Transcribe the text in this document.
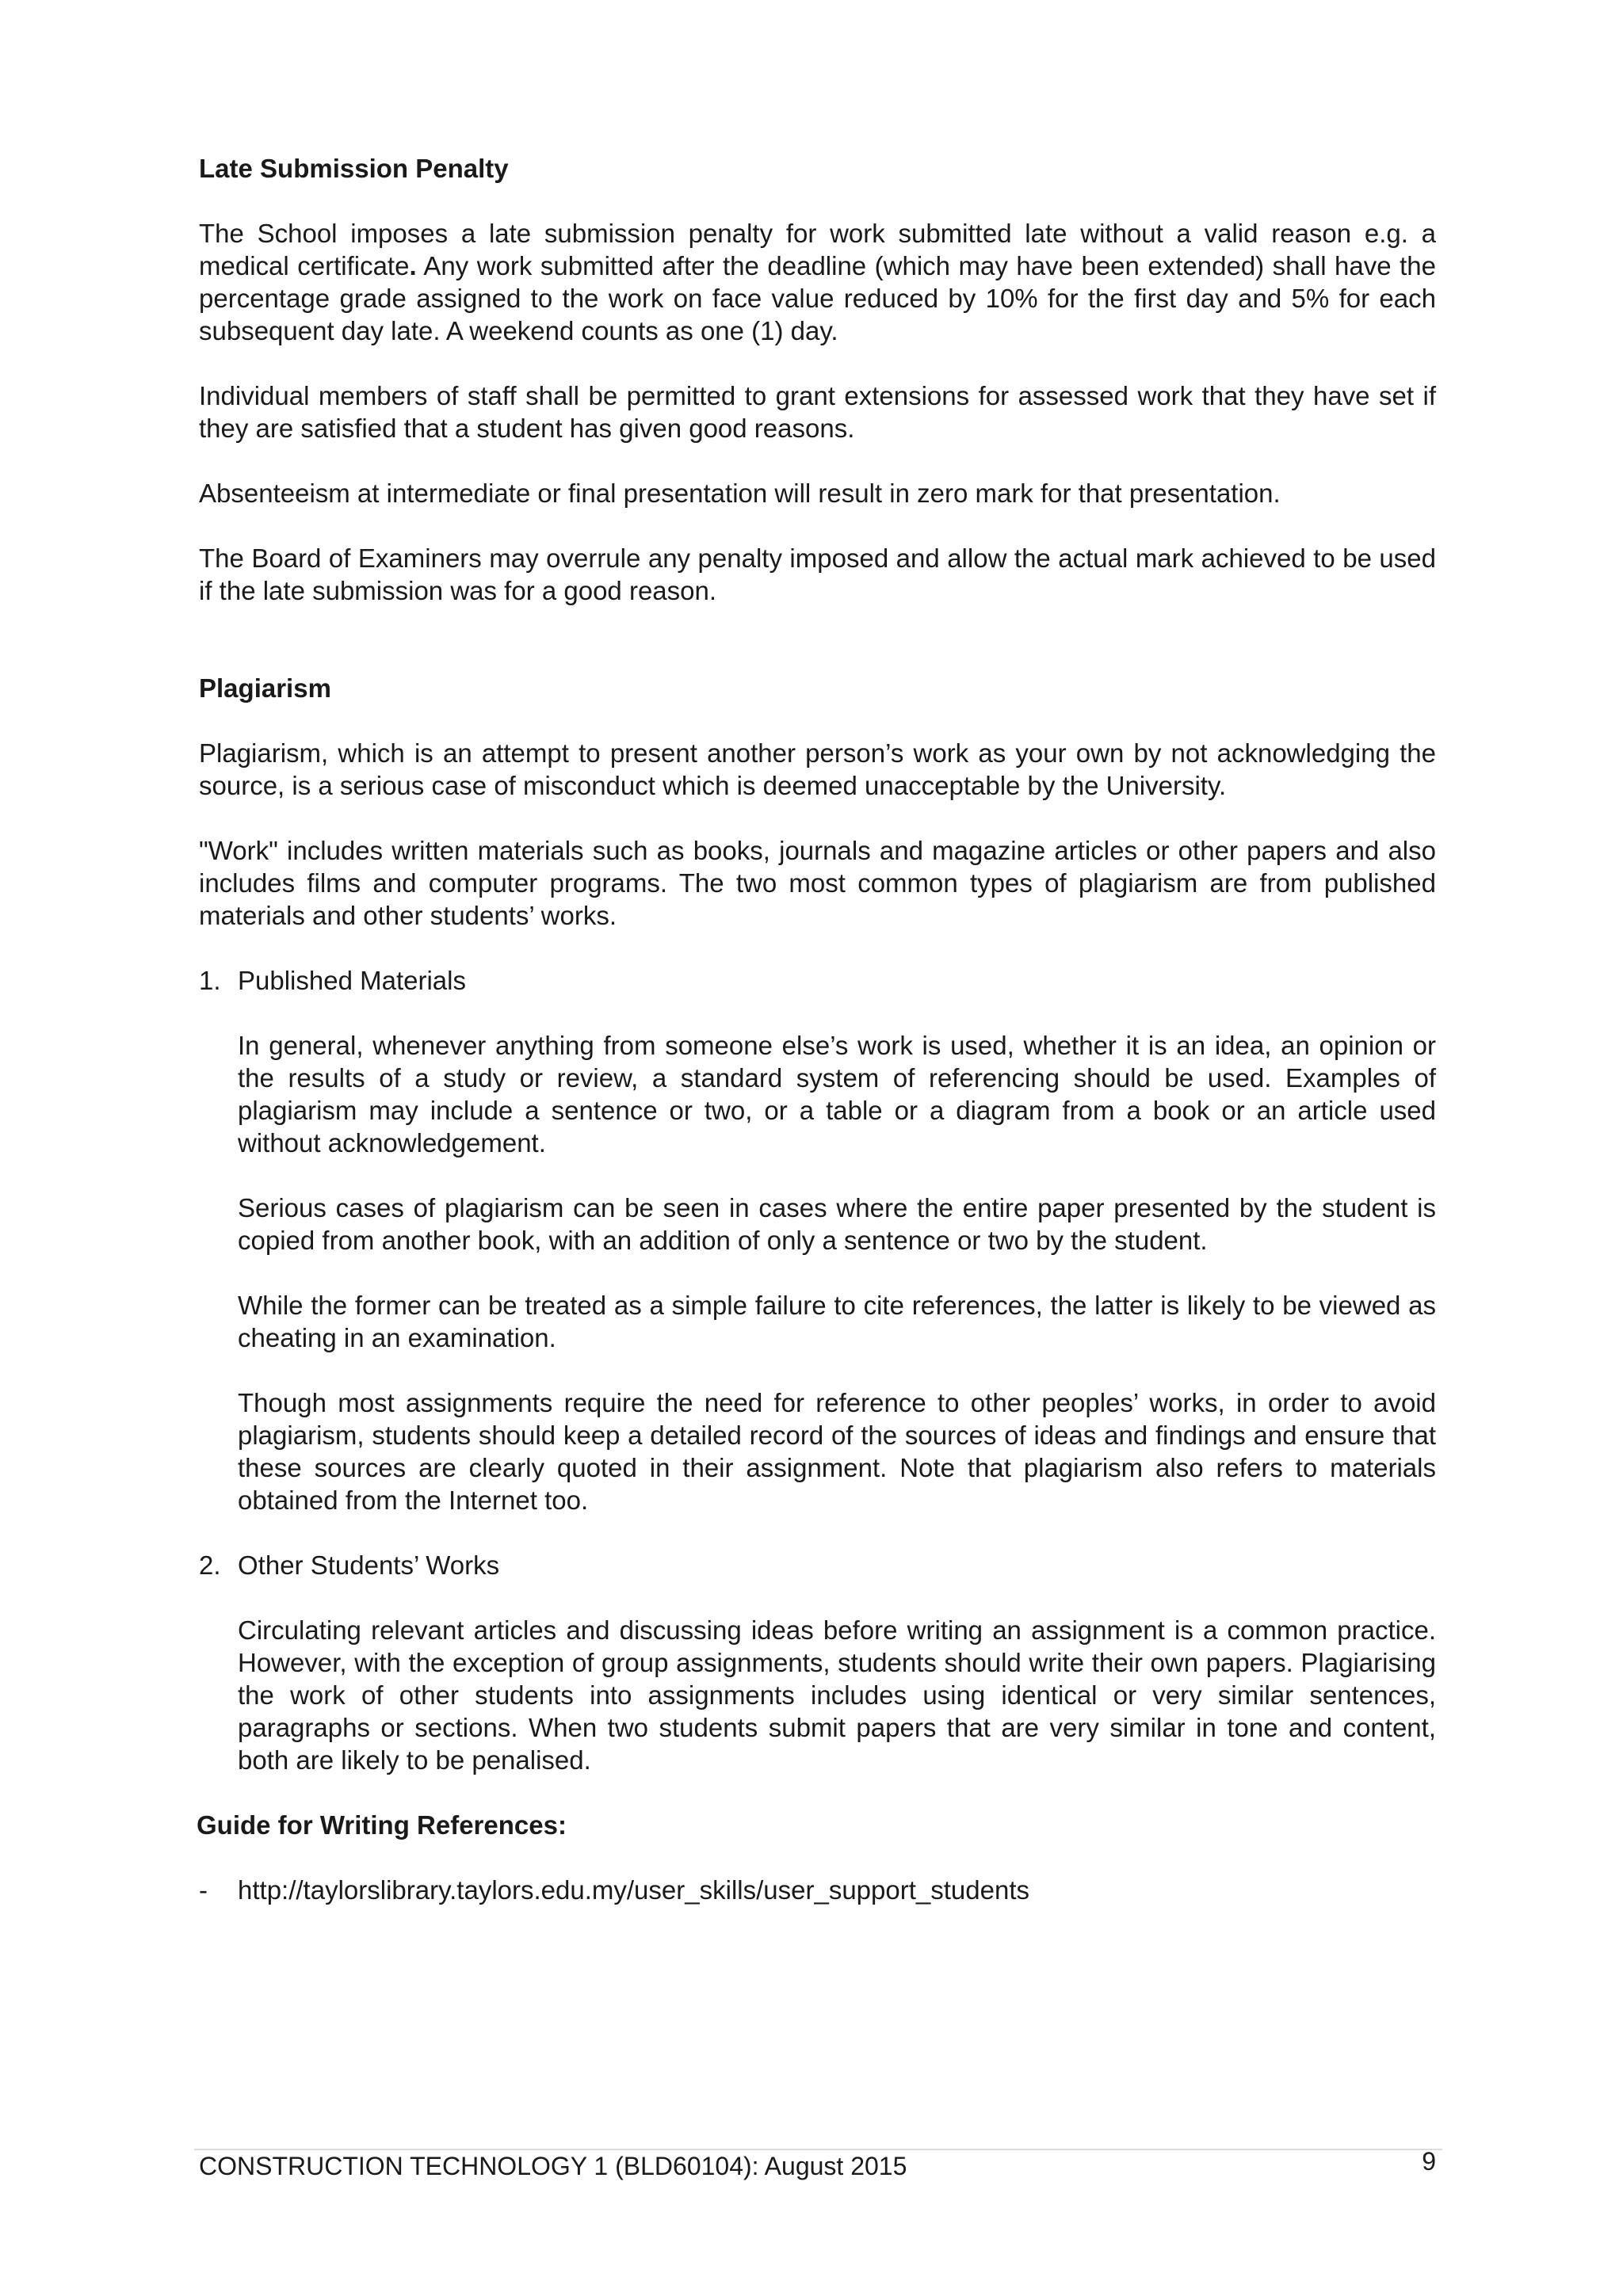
Late Submission Penalty

The School imposes a late submission penalty for work submitted late without a valid reason e.g. a medical certificate. Any work submitted after the deadline (which may have been extended) shall have the percentage grade assigned to the work on face value reduced by 10% for the first day and 5% for each subsequent day late. A weekend counts as one (1) day.

Individual members of staff shall be permitted to grant extensions for assessed work that they have set if they are satisfied that a student has given good reasons.

Absenteeism at intermediate or final presentation will result in zero mark for that presentation.

The Board of Examiners may overrule any penalty imposed and allow the actual mark achieved to be used if the late submission was for a good reason.

Plagiarism

Plagiarism, which is an attempt to present another person’s work as your own by not acknowledging the source, is a serious case of misconduct which is deemed unacceptable by the University.

"Work" includes written materials such as books, journals and magazine articles or other papers and also includes films and computer programs. The two most common types of plagiarism are from published materials and other students’ works.

1. Published Materials

In general, whenever anything from someone else’s work is used, whether it is an idea, an opinion or the results of a study or review, a standard system of referencing should be used. Examples of plagiarism may include a sentence or two, or a table or a diagram from a book or an article used without acknowledgement.

Serious cases of plagiarism can be seen in cases where the entire paper presented by the student is copied from another book, with an addition of only a sentence or two by the student.

While the former can be treated as a simple failure to cite references, the latter is likely to be viewed as cheating in an examination.

Though most assignments require the need for reference to other peoples’ works, in order to avoid plagiarism, students should keep a detailed record of the sources of ideas and findings and ensure that these sources are clearly quoted in their assignment. Note that plagiarism also refers to materials obtained from the Internet too.

2. Other Students’ Works

Circulating relevant articles and discussing ideas before writing an assignment is a common practice. However, with the exception of group assignments, students should write their own papers. Plagiarising the work of other students into assignments includes using identical or very similar sentences, paragraphs or sections. When two students submit papers that are very similar in tone and content, both are likely to be penalised.

Guide for Writing References:
- http://taylorslibrary.taylors.edu.my/user_skills/user_support_students
CONSTRUCTION TECHNOLOGY 1 (BLD60104): August 2015	9
